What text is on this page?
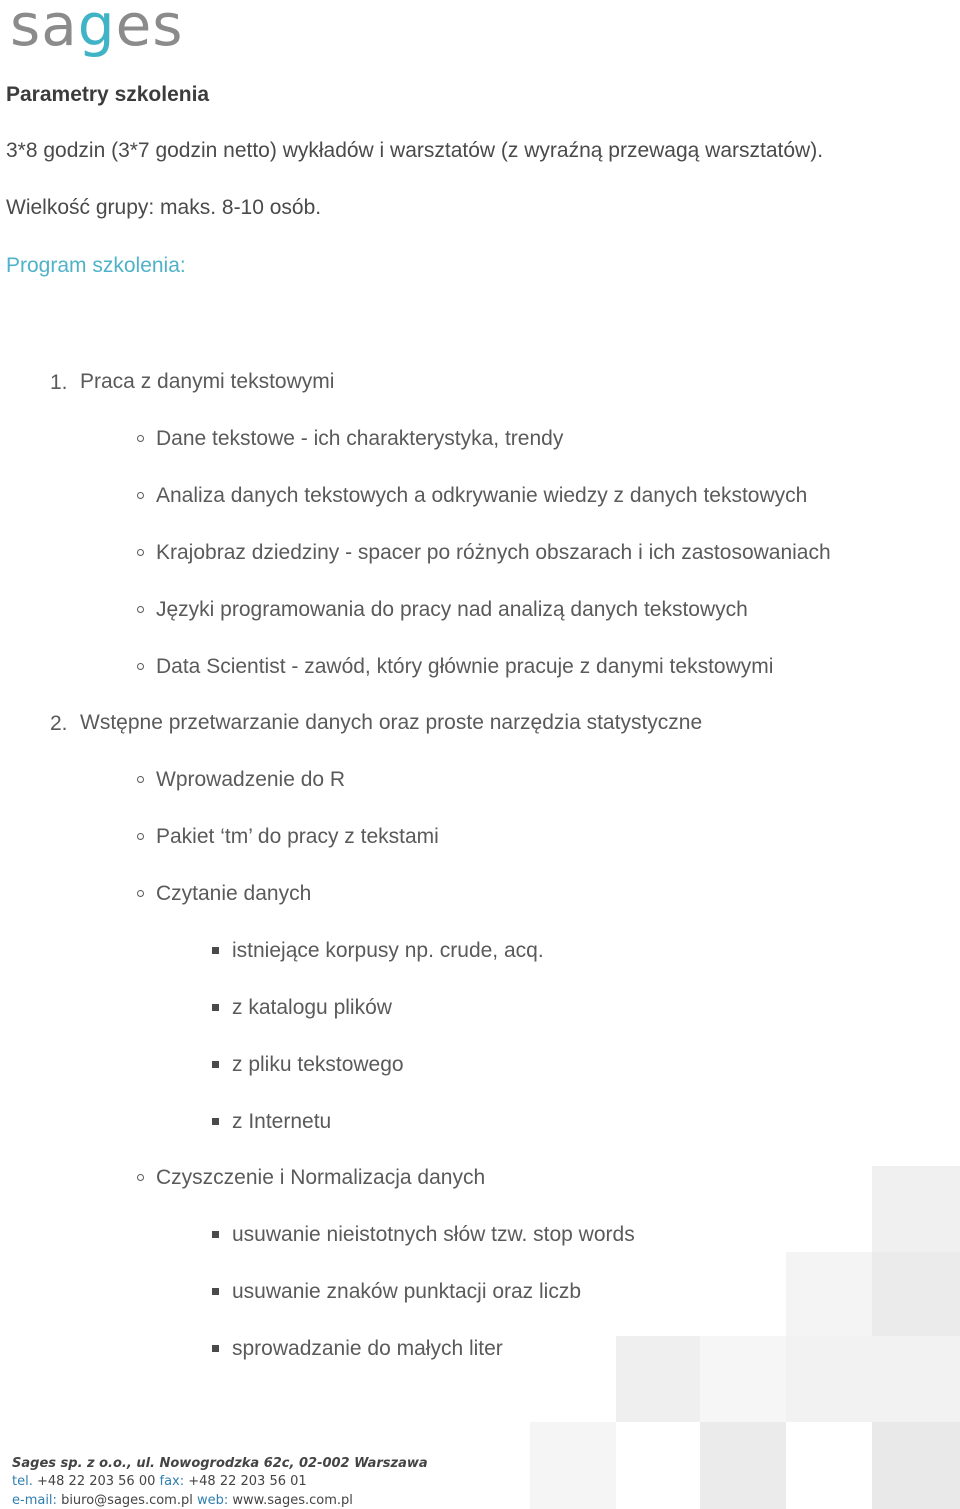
sages
Parametry szkolenia
3*8 godzin (3*7 godzin netto) wykładów i warsztatów (z wyraźną przewagą warsztatów).
Wielkość grupy: maks. 8-10 osób.
Program szkolenia:
1. Praca z danymi tekstowymi
Dane tekstowe - ich charakterystyka, trendy
Analiza danych tekstowych a odkrywanie wiedzy z danych tekstowych
Krajobraz dziedziny - spacer po różnych obszarach i ich zastosowaniach
Języki programowania do pracy nad analizą danych tekstowych
Data Scientist - zawód, który głównie pracuje z danymi tekstowymi
2. Wstępne przetwarzanie danych oraz proste narzędzia statystyczne
Wprowadzenie do R
Pakiet ‘tm’ do pracy z tekstami
Czytanie danych
istniejące korpusy np. crude, acq.
z katalogu plików
z pliku tekstowego
z Internetu
Czyszczenie i Normalizacja danych
usuwanie nieistotnych słów tzw. stop words
usuwanie znaków punktacji oraz liczb
sprowadzanie do małych liter
Sages sp. z o.o., ul. Nowogrodzka 62c, 02-002 Warszawa
tel. +48 22 203 56 00 fax: +48 22 203 56 01
e-mail: biuro@sages.com.pl web: www.sages.com.pl
